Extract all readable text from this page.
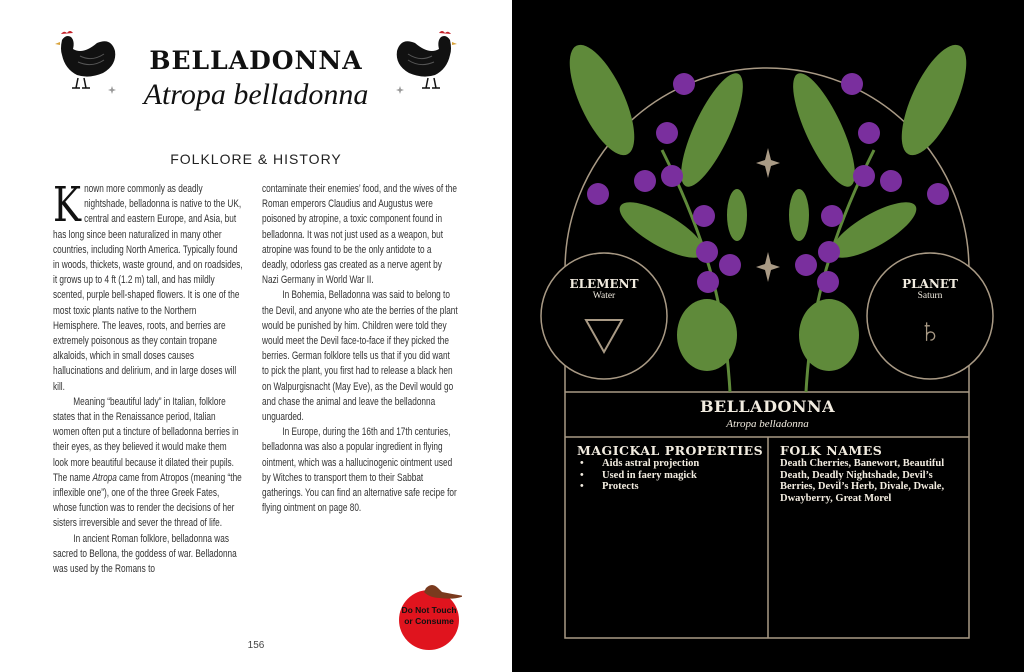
BELLADONNA
Atropa belladonna
FOLKLORE & HISTORY

Known more commonly as deadly nightshade, belladonna is native to the UK, central and eastern Europe, and Asia, but has long since been naturalized in many other countries, including North America. Typically found in woods, thickets, waste ground, and on roadsides, it grows up to 4 ft (1.2 m) tall, and has mildly scented, purple bell-shaped flowers. It is one of the most toxic plants native to the Northern Hemisphere. The leaves, roots, and berries are extremely poisonous as they contain tropane alkaloids, which in small doses causes hallucinations and delirium, and in large doses will kill.

Meaning “beautiful lady” in Italian, folklore states that in the Renaissance period, Italian women often put a tincture of belladonna berries in their eyes, as they believed it would make them look more beautiful because it dilated their pupils. The name Atropa came from Atropos (meaning “the inflexible one”), one of the three Greek Fates, whose function was to render the decisions of her sisters irreversible and sever the thread of life.

In ancient Roman folklore, belladonna was sacred to Bellona, the goddess of war. Belladonna was used by the Romans to

contaminate their enemies’ food, and the wives of the Roman emperors Claudius and Augustus were poisoned by atropine, a toxic component found in belladonna. It was not just used as a weapon, but atropine was found to be the only antidote to a deadly, odorless gas created as a nerve agent by Nazi Germany in World War II.

In Bohemia, Belladonna was said to belong to the Devil, and anyone who ate the berries of the plant would be punished by him. Children were told they would meet the Devil face-to-face if they picked the berries. German folklore tells us that if you did want to pick the plant, you first had to release a black hen on Walpurgisnacht (May Eve), as the Devil would go and chase the animal and leave the belladonna unguarded.

In Europe, during the 16th and 17th centuries, belladonna was also a popular ingredient in flying ointment, which was a hallucinogenic ointment used by Witches to transport them to their Sabbat gatherings. You can find an alternative safe recipe for flying ointment on page 80.

Do Not Touch or Consume
156
ELEMENT
Water
PLANET
Saturn
♄
BELLADONNA
Atropa belladonna
MAGICKAL PROPERTIES
• Aids astral projection
• Used in faery magick
• Protects
FOLK NAMES
Death Cherries, Banewort, Beautiful Death, Deadly Nightshade, Devil’s Berries, Devil’s Herb, Divale, Dwale, Dwayberry, Great Morel
